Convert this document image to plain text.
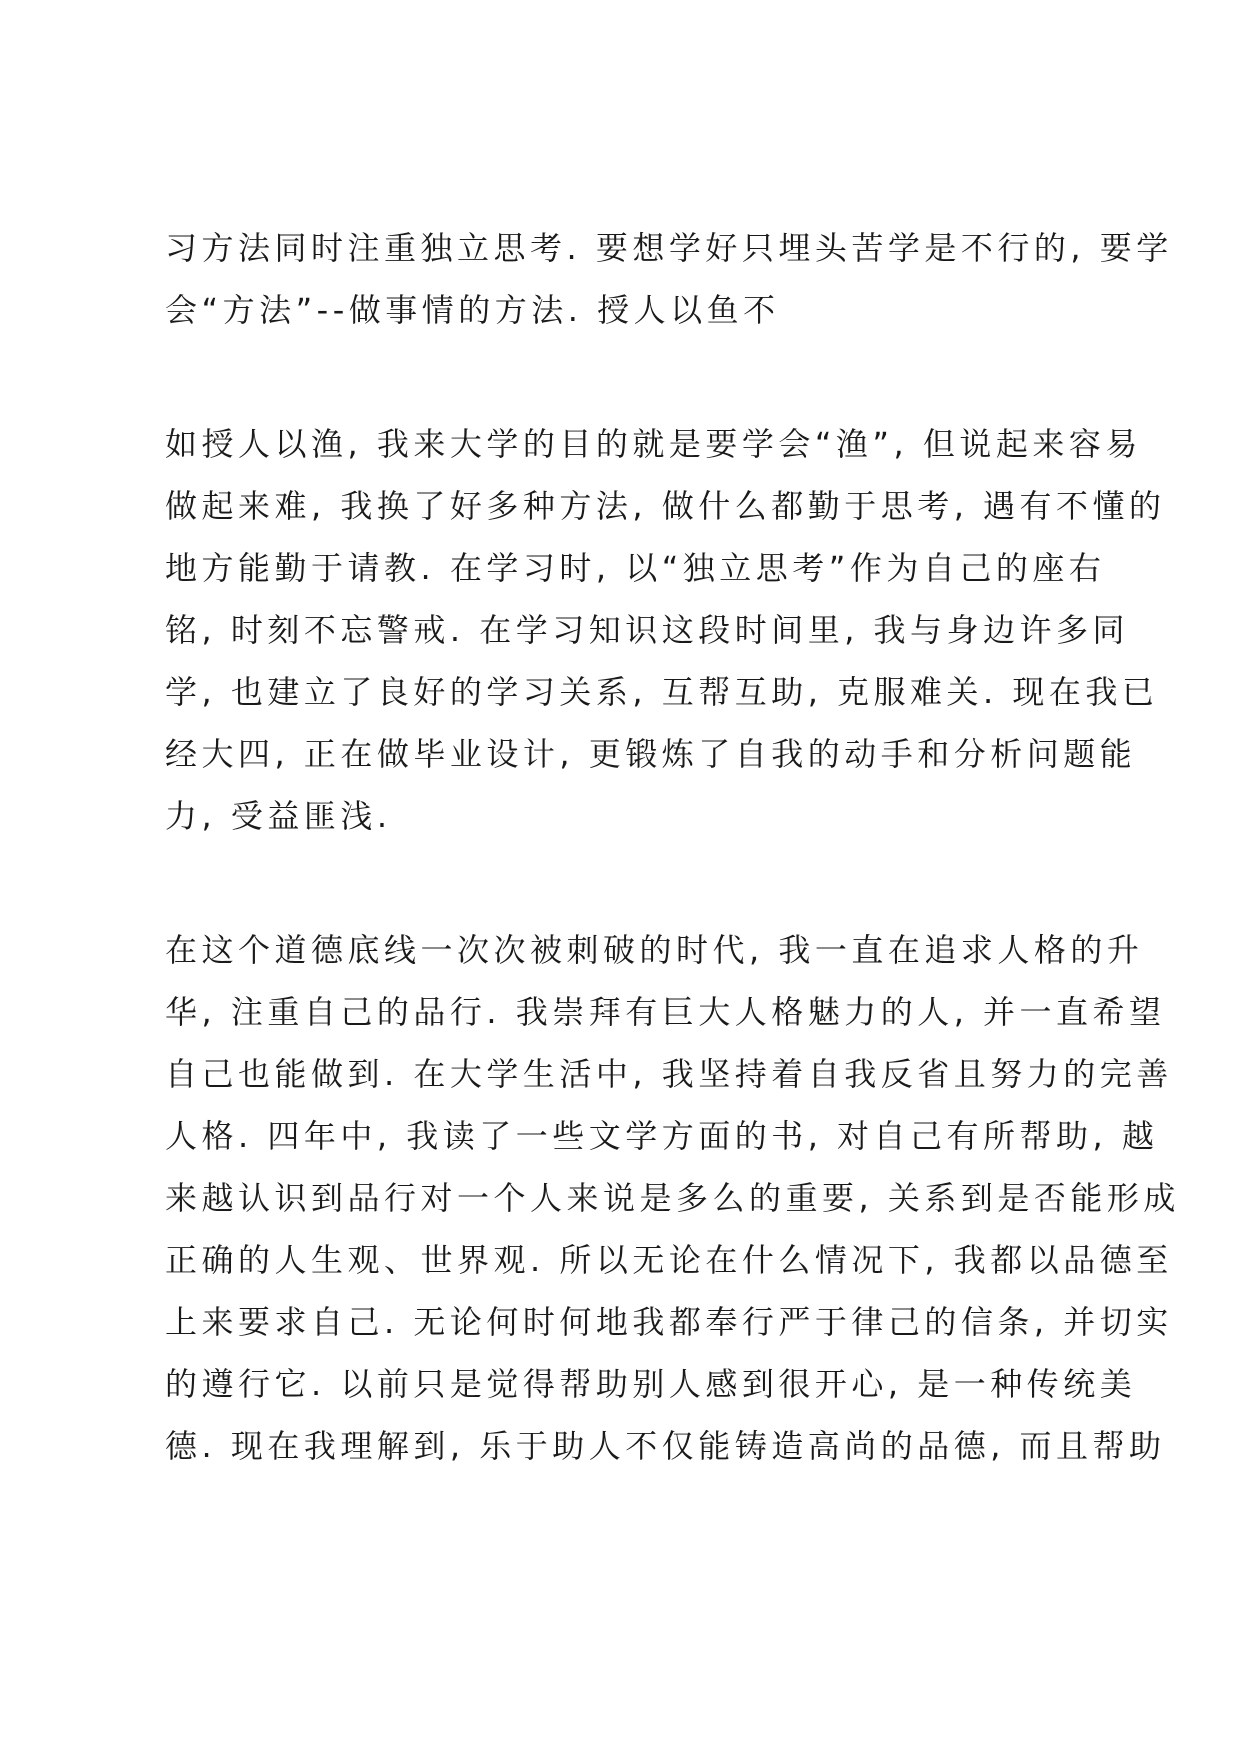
习方法同时注重独立思考. 要想学好只埋头苦学是不行的, 要学
会“方法”--做事情的方法. 授人以鱼不
如授人以渔, 我来大学的目的就是要学会“渔”, 但说起来容易
做起来难, 我换了好多种方法, 做什么都勤于思考, 遇有不懂的
地方能勤于请教. 在学习时, 以“独立思考”作为自己的座右
铭, 时刻不忘警戒. 在学习知识这段时间里, 我与身边许多同
学, 也建立了良好的学习关系, 互帮互助, 克服难关. 现在我已
经大四, 正在做毕业设计, 更锻炼了自我的动手和分析问题能
力, 受益匪浅.
在这个道德底线一次次被刺破的时代, 我一直在追求人格的升
华, 注重自己的品行. 我崇拜有巨大人格魅力的人, 并一直希望
自己也能做到. 在大学生活中, 我坚持着自我反省且努力的完善
人格. 四年中, 我读了一些文学方面的书, 对自己有所帮助, 越
来越认识到品行对一个人来说是多么的重要, 关系到是否能形成
正确的人生观、世界观. 所以无论在什么情况下, 我都以品德至
上来要求自己. 无论何时何地我都奉行严于律己的信条, 并切实
的遵行它. 以前只是觉得帮助别人感到很开心, 是一种传统美
德. 现在我理解到, 乐于助人不仅能铸造高尚的品德, 而且帮助
